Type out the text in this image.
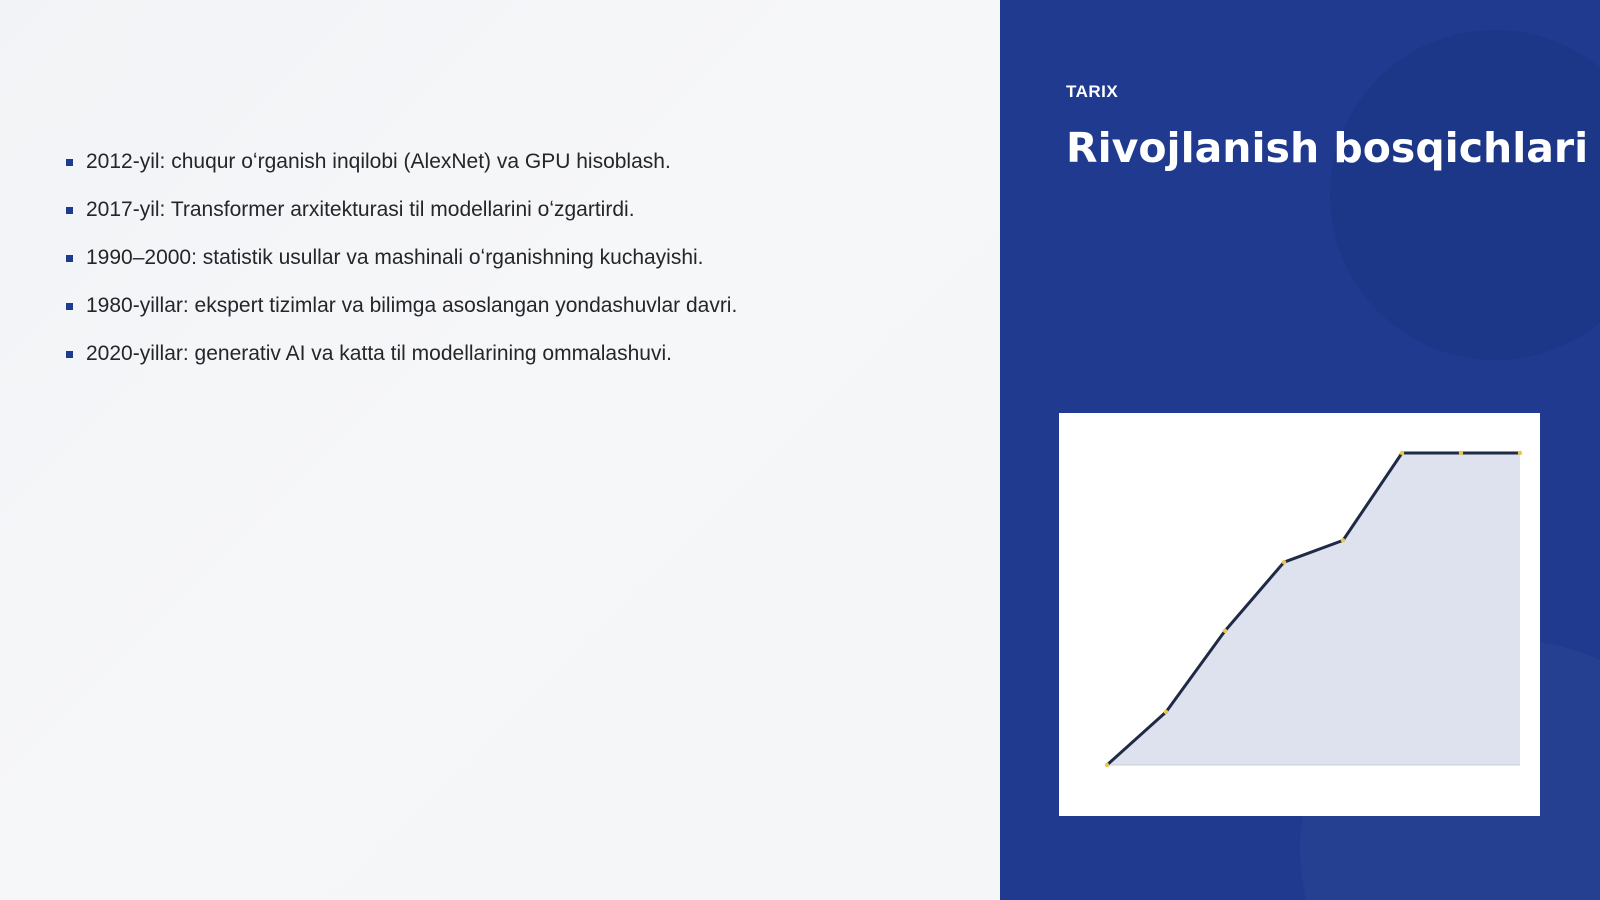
2012-yil: chuqur oʻrganish inqilobi (AlexNet) va GPU hisoblash.
2017-yil: Transformer arxitekturasi til modellarini oʻzgartirdi.
1990–2000: statistik usullar va mashinali oʻrganishning kuchayishi.
1980-yillar: ekspert tizimlar va bilimga asoslangan yondashuvlar davri.
2020-yillar: generativ AI va katta til modellarining ommalashuvi.
TARIX
Rivojlanish bosqichlari
